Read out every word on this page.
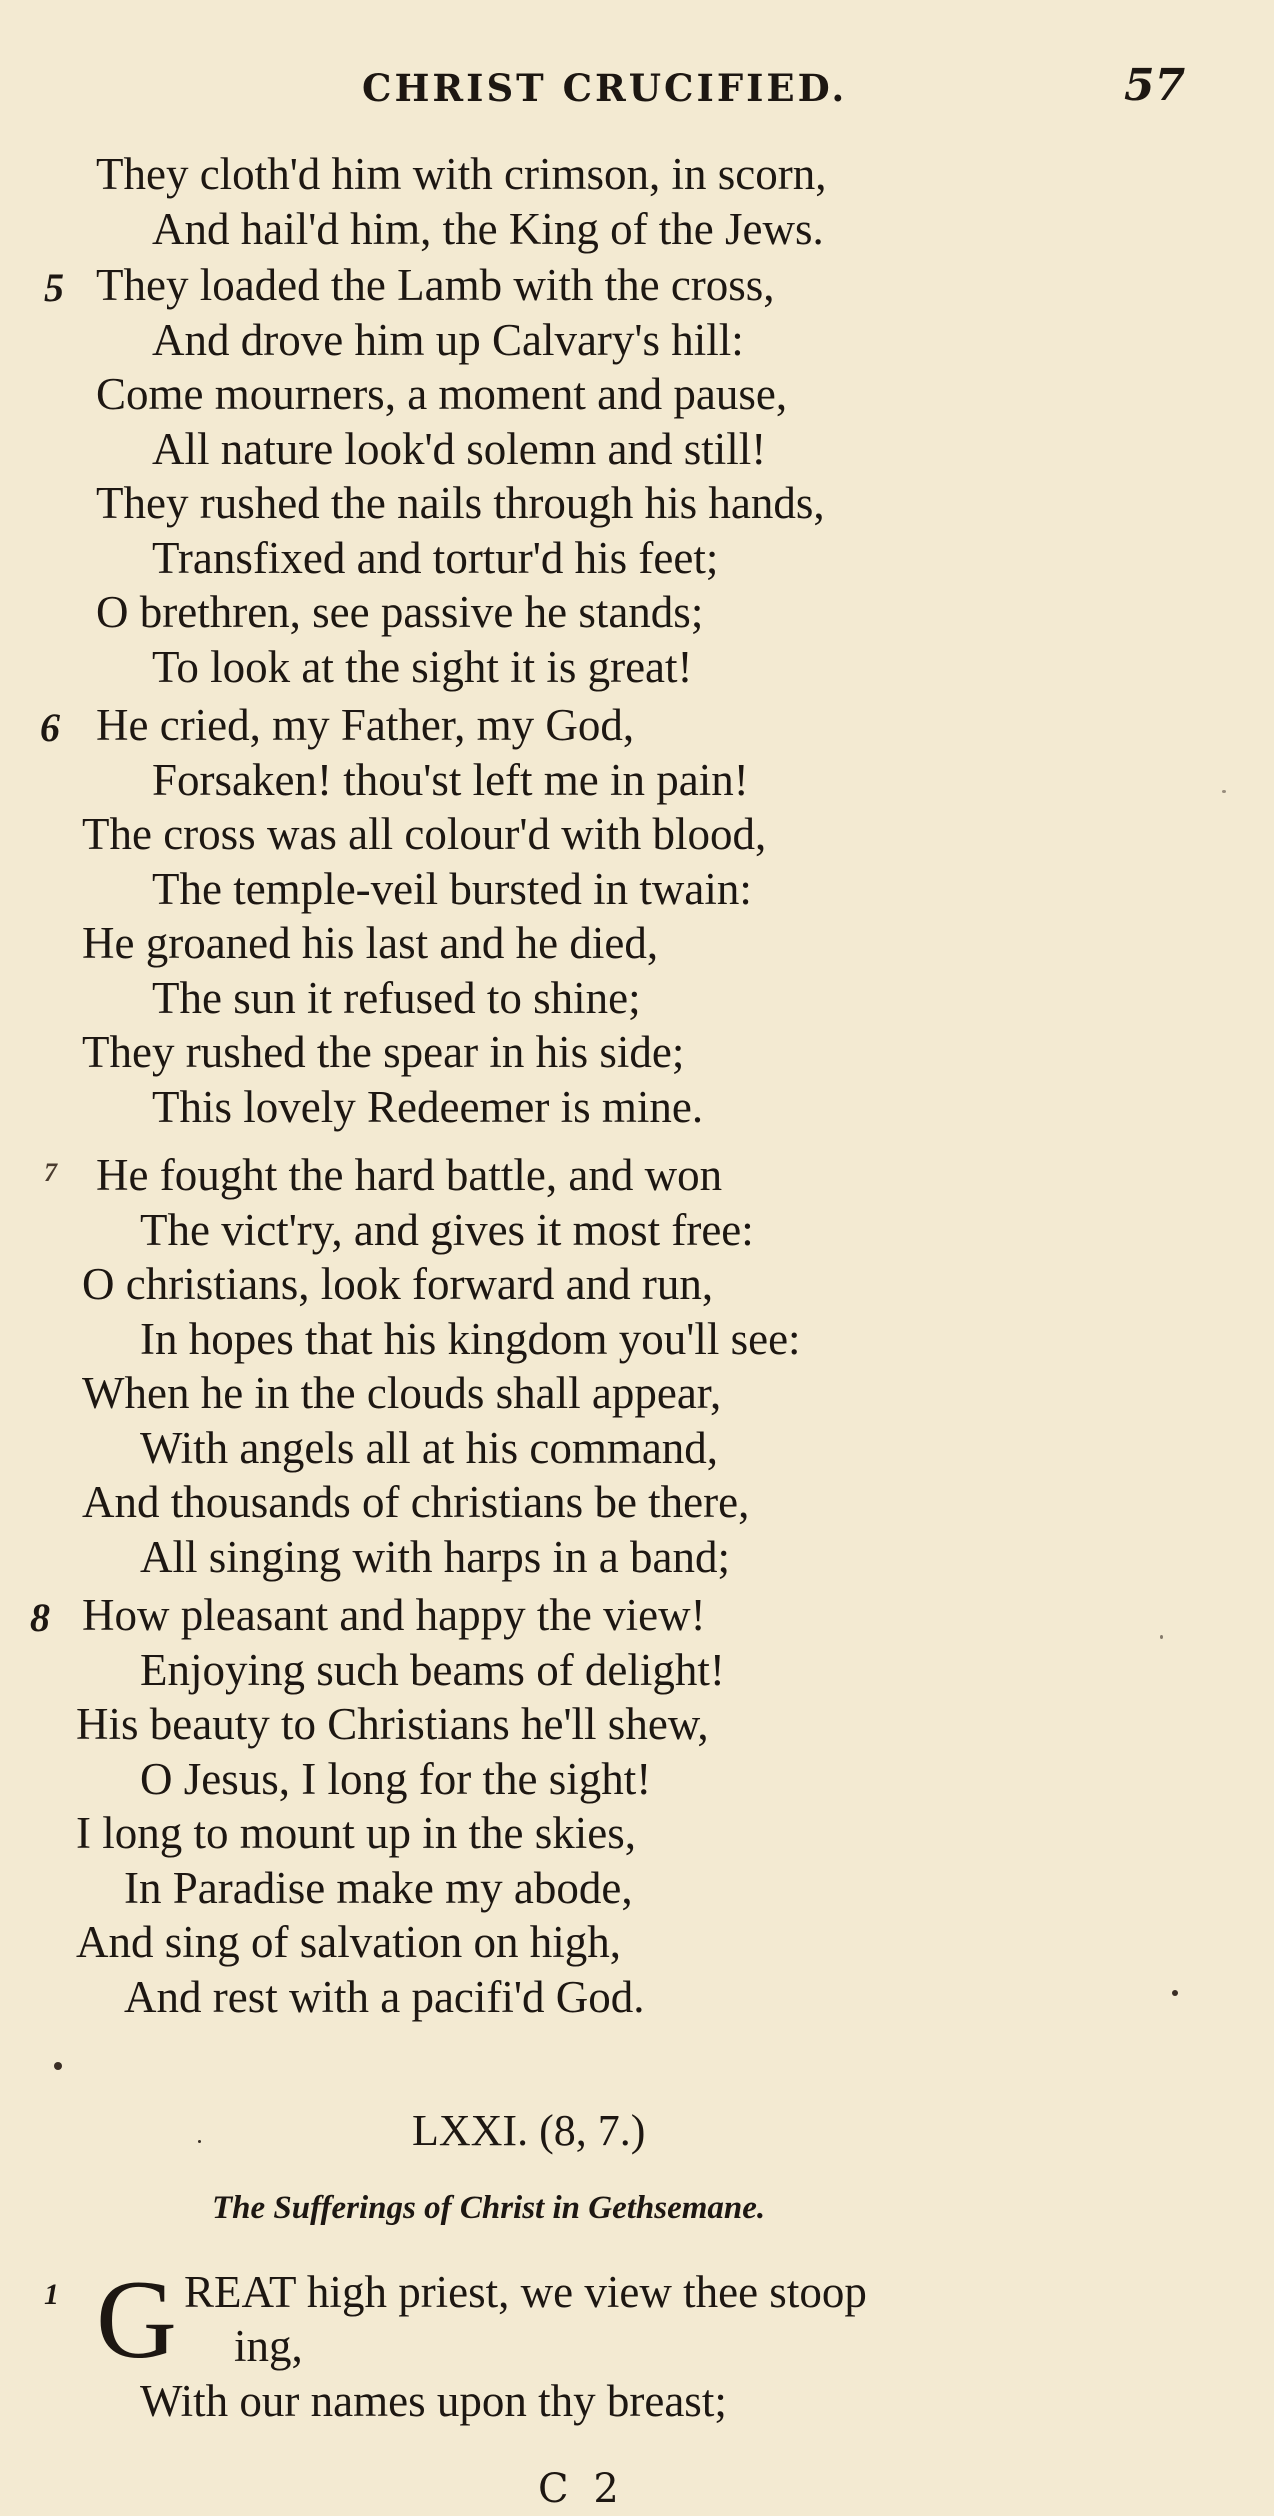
CHRIST CRUCIFIED.	57
They cloth'd him with crimson, in scorn,
And hail'd him, the King of the Jews.
5 They loaded the Lamb with the cross,
And drove him up Calvary's hill:
Come mourners, a moment and pause,
All nature look'd solemn and still!
They rushed the nails through his hands,
Transfixed and tortur'd his feet;
O brethren, see passive he stands;
To look at the sight it is great!
6 He cried, my Father, my God,
Forsaken! thou'st left me in pain!
The cross was all colour'd with blood,
The temple-veil bursted in twain:
He groaned his last and he died,
The sun it refused to shine;
They rushed the spear in his side;
This lovely Redeemer is mine.
7 He fought the hard battle, and won
The vict'ry, and gives it most free:
O christians, look forward and run,
In hopes that his kingdom you'll see:
When he in the clouds shall appear,
With angels all at his command,
And thousands of christians be there,
All singing with harps in a band;
8 How pleasant and happy the view!
Enjoying such beams of delight!
His beauty to Christians he'll shew,
O Jesus, I long for the sight!
I long to mount up in the skies,
In Paradise make my abode,
And sing of salvation on high,
And rest with a pacifi'd God.
LXXI. (8, 7.)
The Sufferings of Christ in Gethsemane.
1 G REAT high priest, we view thee stoop
ing,
With our names upon thy breast;
C 2
